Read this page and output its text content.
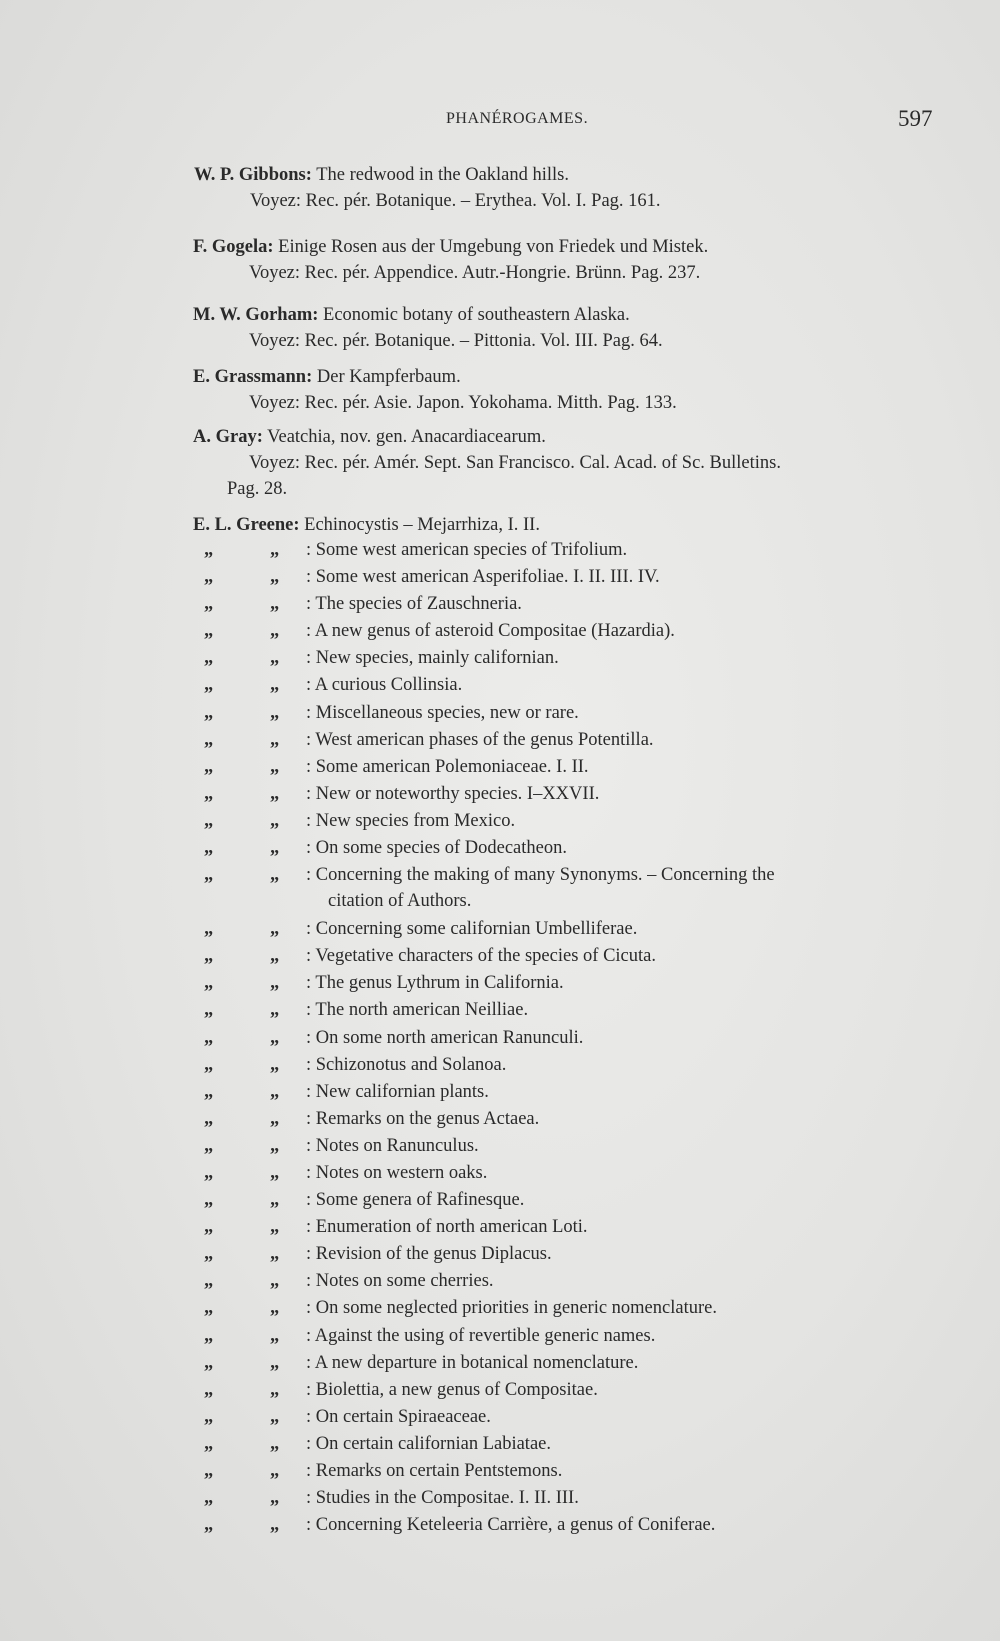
PHANÉROGAMES.	597
W. P. Gibbons: The redwood in the Oakland hills.
Voyez: Rec. pér. Botanique. – Erythea. Vol. I. Pag. 161.
F. Gogela: Einige Rosen aus der Umgebung von Friedek und Mistek.
Voyez: Rec. pér. Appendice. Autr.-Hongrie. Brünn. Pag. 237.
M. W. Gorham: Economic botany of southeastern Alaska.
Voyez: Rec. pér. Botanique. – Pittonia. Vol. III. Pag. 64.
E. Grassmann: Der Kampferbaum.
Voyez: Rec. pér. Asie. Japon. Yokohama. Mitth. Pag. 133.
A. Gray: Veatchia, nov. gen. Anacardiacearum.
Voyez: Rec. pér. Amér. Sept. San Francisco. Cal. Acad. of Sc. Bulletins.
Pag. 28.
E. L. Greene: Echinocystis – Mejarrhiza, I. II.
„	„ : Some west american species of Trifolium.
„	„ : Some west american Asperifoliae. I. II. III. IV.
„	„ : The species of Zauschneria.
„	„ : A new genus of asteroid Compositae (Hazardia).
„	„ : New species, mainly californian.
„	„ : A curious Collinsia.
„	„ : Miscellaneous species, new or rare.
„	„ : West american phases of the genus Potentilla.
„	„ : Some american Polemoniaceae. I. II.
„	„ : New or noteworthy species. I–XXVII.
„	„ : New species from Mexico.
„	„ : On some species of Dodecatheon.
„	„ : Concerning the making of many Synonyms. – Concerning the
citation of Authors.
„	„ : Concerning some californian Umbelliferae.
„	„ : Vegetative characters of the species of Cicuta.
„	„ : The genus Lythrum in California.
„	„ : The north american Neilliae.
„	„ : On some north american Ranunculi.
„	„ : Schizonotus and Solanoa.
„	„ : New californian plants.
„	„ : Remarks on the genus Actaea.
„	„ : Notes on Ranunculus.
„	„ : Notes on western oaks.
„	„ : Some genera of Rafinesque.
„	„ : Enumeration of north american Loti.
„	„ : Revision of the genus Diplacus.
„	„ : Notes on some cherries.
„	„ : On some neglected priorities in generic nomenclature.
„	„ : Against the using of revertible generic names.
„	„ : A new departure in botanical nomenclature.
„	„ : Biolettia, a new genus of Compositae.
„	„ : On certain Spiraeaceae.
„	„ : On certain californian Labiatae.
„	„ : Remarks on certain Pentstemons.
„	„ : Studies in the Compositae. I. II. III.
„	„ : Concerning Keteleeria Carrière, a genus of Coniferae.
